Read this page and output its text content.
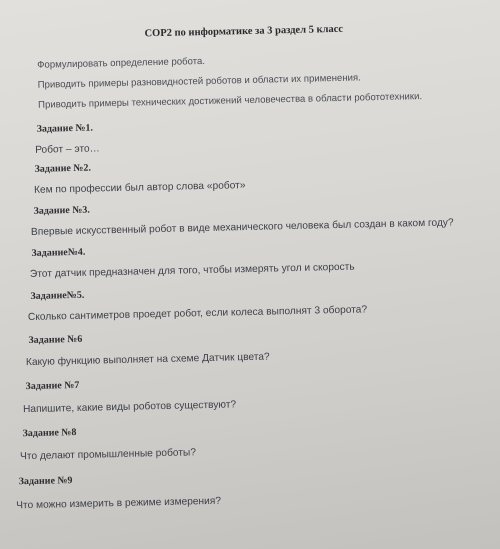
СОР2 по информатике за 3 раздел 5 класс
Формулировать определение робота.
Приводить примеры разновидностей роботов и области их применения.
Приводить примеры технических достижений человечества в области робототехники.
Задание №1.
Робот – это…
Задание №2.
Кем по профессии был автор слова «робот»
Задание №3.
Впервые искусственный робот в виде механического человека был создан в каком году?
Задание№4.
Этот датчик предназначен для того, чтобы измерять угол и скорость
Задание№5.
Сколько сантиметров проедет робот, если колеса выполнят 3 оборота?
Задание №6
Какую функцию выполняет на схеме Датчик цвета?
Задание №7
Напишите, какие виды роботов существуют?
Задание №8
Что делают промышленные роботы?
Задание №9
Что можно измерить в режиме измерения?
